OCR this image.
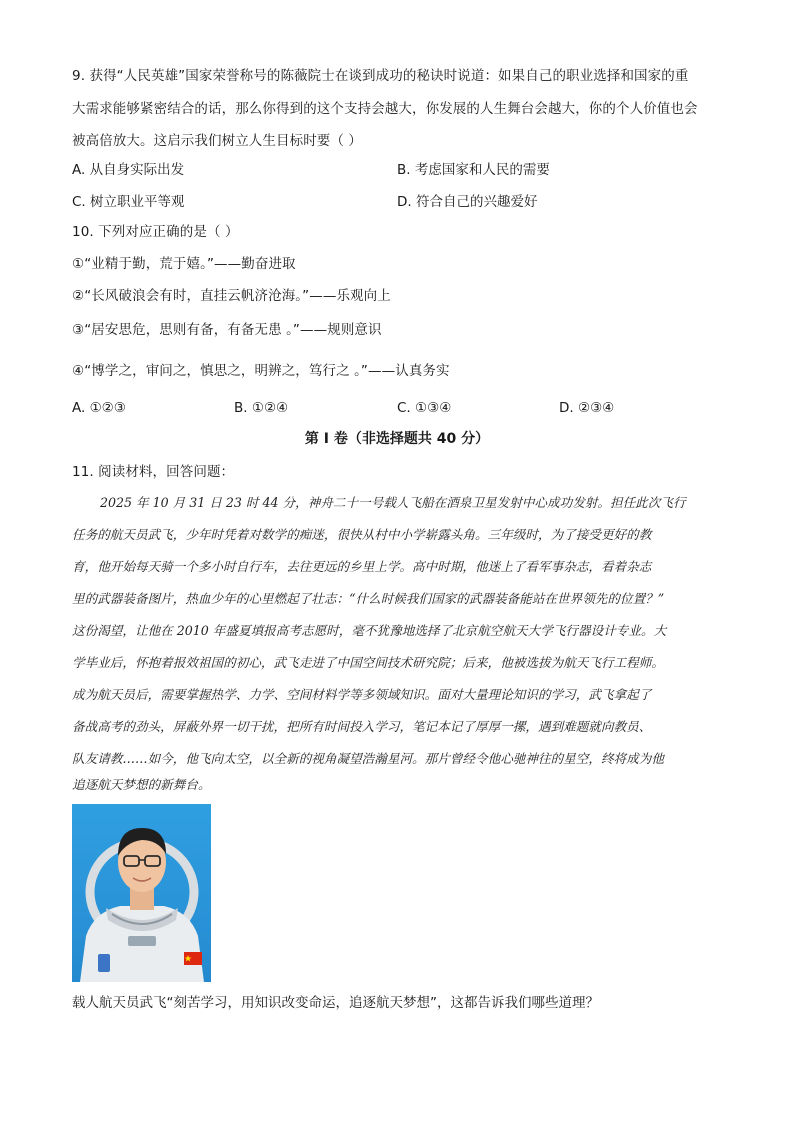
9. 获得“人民英雄”国家荣誉称号的陈薇院士在谈到成功的秘诀时说道：如果自己的职业选择和国家的重
大需求能够紧密结合的话，那么你得到的这个支持会越大，你发展的人生舞台会越大，你的个人价值也会
被高倍放大。这启示我们树立人生目标时要（ ）
A. 从自身实际出发	B. 考虑国家和人民的需要
C. 树立职业平等观	D. 符合自己的兴趣爱好
10. 下列对应正确的是（ ）
①“业精于勤，荒于嬉。”——勤奋进取
②“长风破浪会有时，直挂云帆济沧海。”——乐观向上
③“居安思危，思则有备，有备无患 。”——规则意识
④“博学之，审问之，慎思之，明辨之，笃行之 。”——认真务实
A. ①②③	B. ①②④	C. ①③④	D. ②③④
第 I 卷（非选择题共 40 分）
11. 阅读材料，回答问题：
2025 年 10 月 31 日 23 时 44 分，神舟二十一号载人飞船在酒泉卫星发射中心成功发射。担任此次飞行
任务的航天员武飞，少年时凭着对数学的痴迷，很快从村中小学崭露头角。三年级时，为了接受更好的教
育，他开始每天骑一个多小时自行车，去往更远的乡里上学。高中时期，他迷上了看军事杂志，看着杂志
里的武器装备图片，热血少年的心里燃起了壮志：“什么时候我们国家的武器装备能站在世界领先的位置？”
这份渴望，让他在 2010 年盛夏填报高考志愿时，毫不犹豫地选择了北京航空航天大学飞行器设计专业。大
学毕业后，怀抱着报效祖国的初心，武飞走进了中国空间技术研究院；后来，他被选拔为航天飞行工程师。
成为航天员后，需要掌握热学、力学、空间材料学等多领域知识。面对大量理论知识的学习，武飞拿起了
备战高考的劲头，屏蔽外界一切干扰，把所有时间投入学习，笔记本记了厚厚一摞，遇到难题就向教员、
队友请教……如今，他飞向太空，以全新的视角凝望浩瀚星河。那片曾经令他心驰神往的星空，终将成为他
追逐航天梦想的新舞台。
载人航天员武飞“刻苦学习，用知识改变命运，追逐航天梦想”，这都告诉我们哪些道理？
